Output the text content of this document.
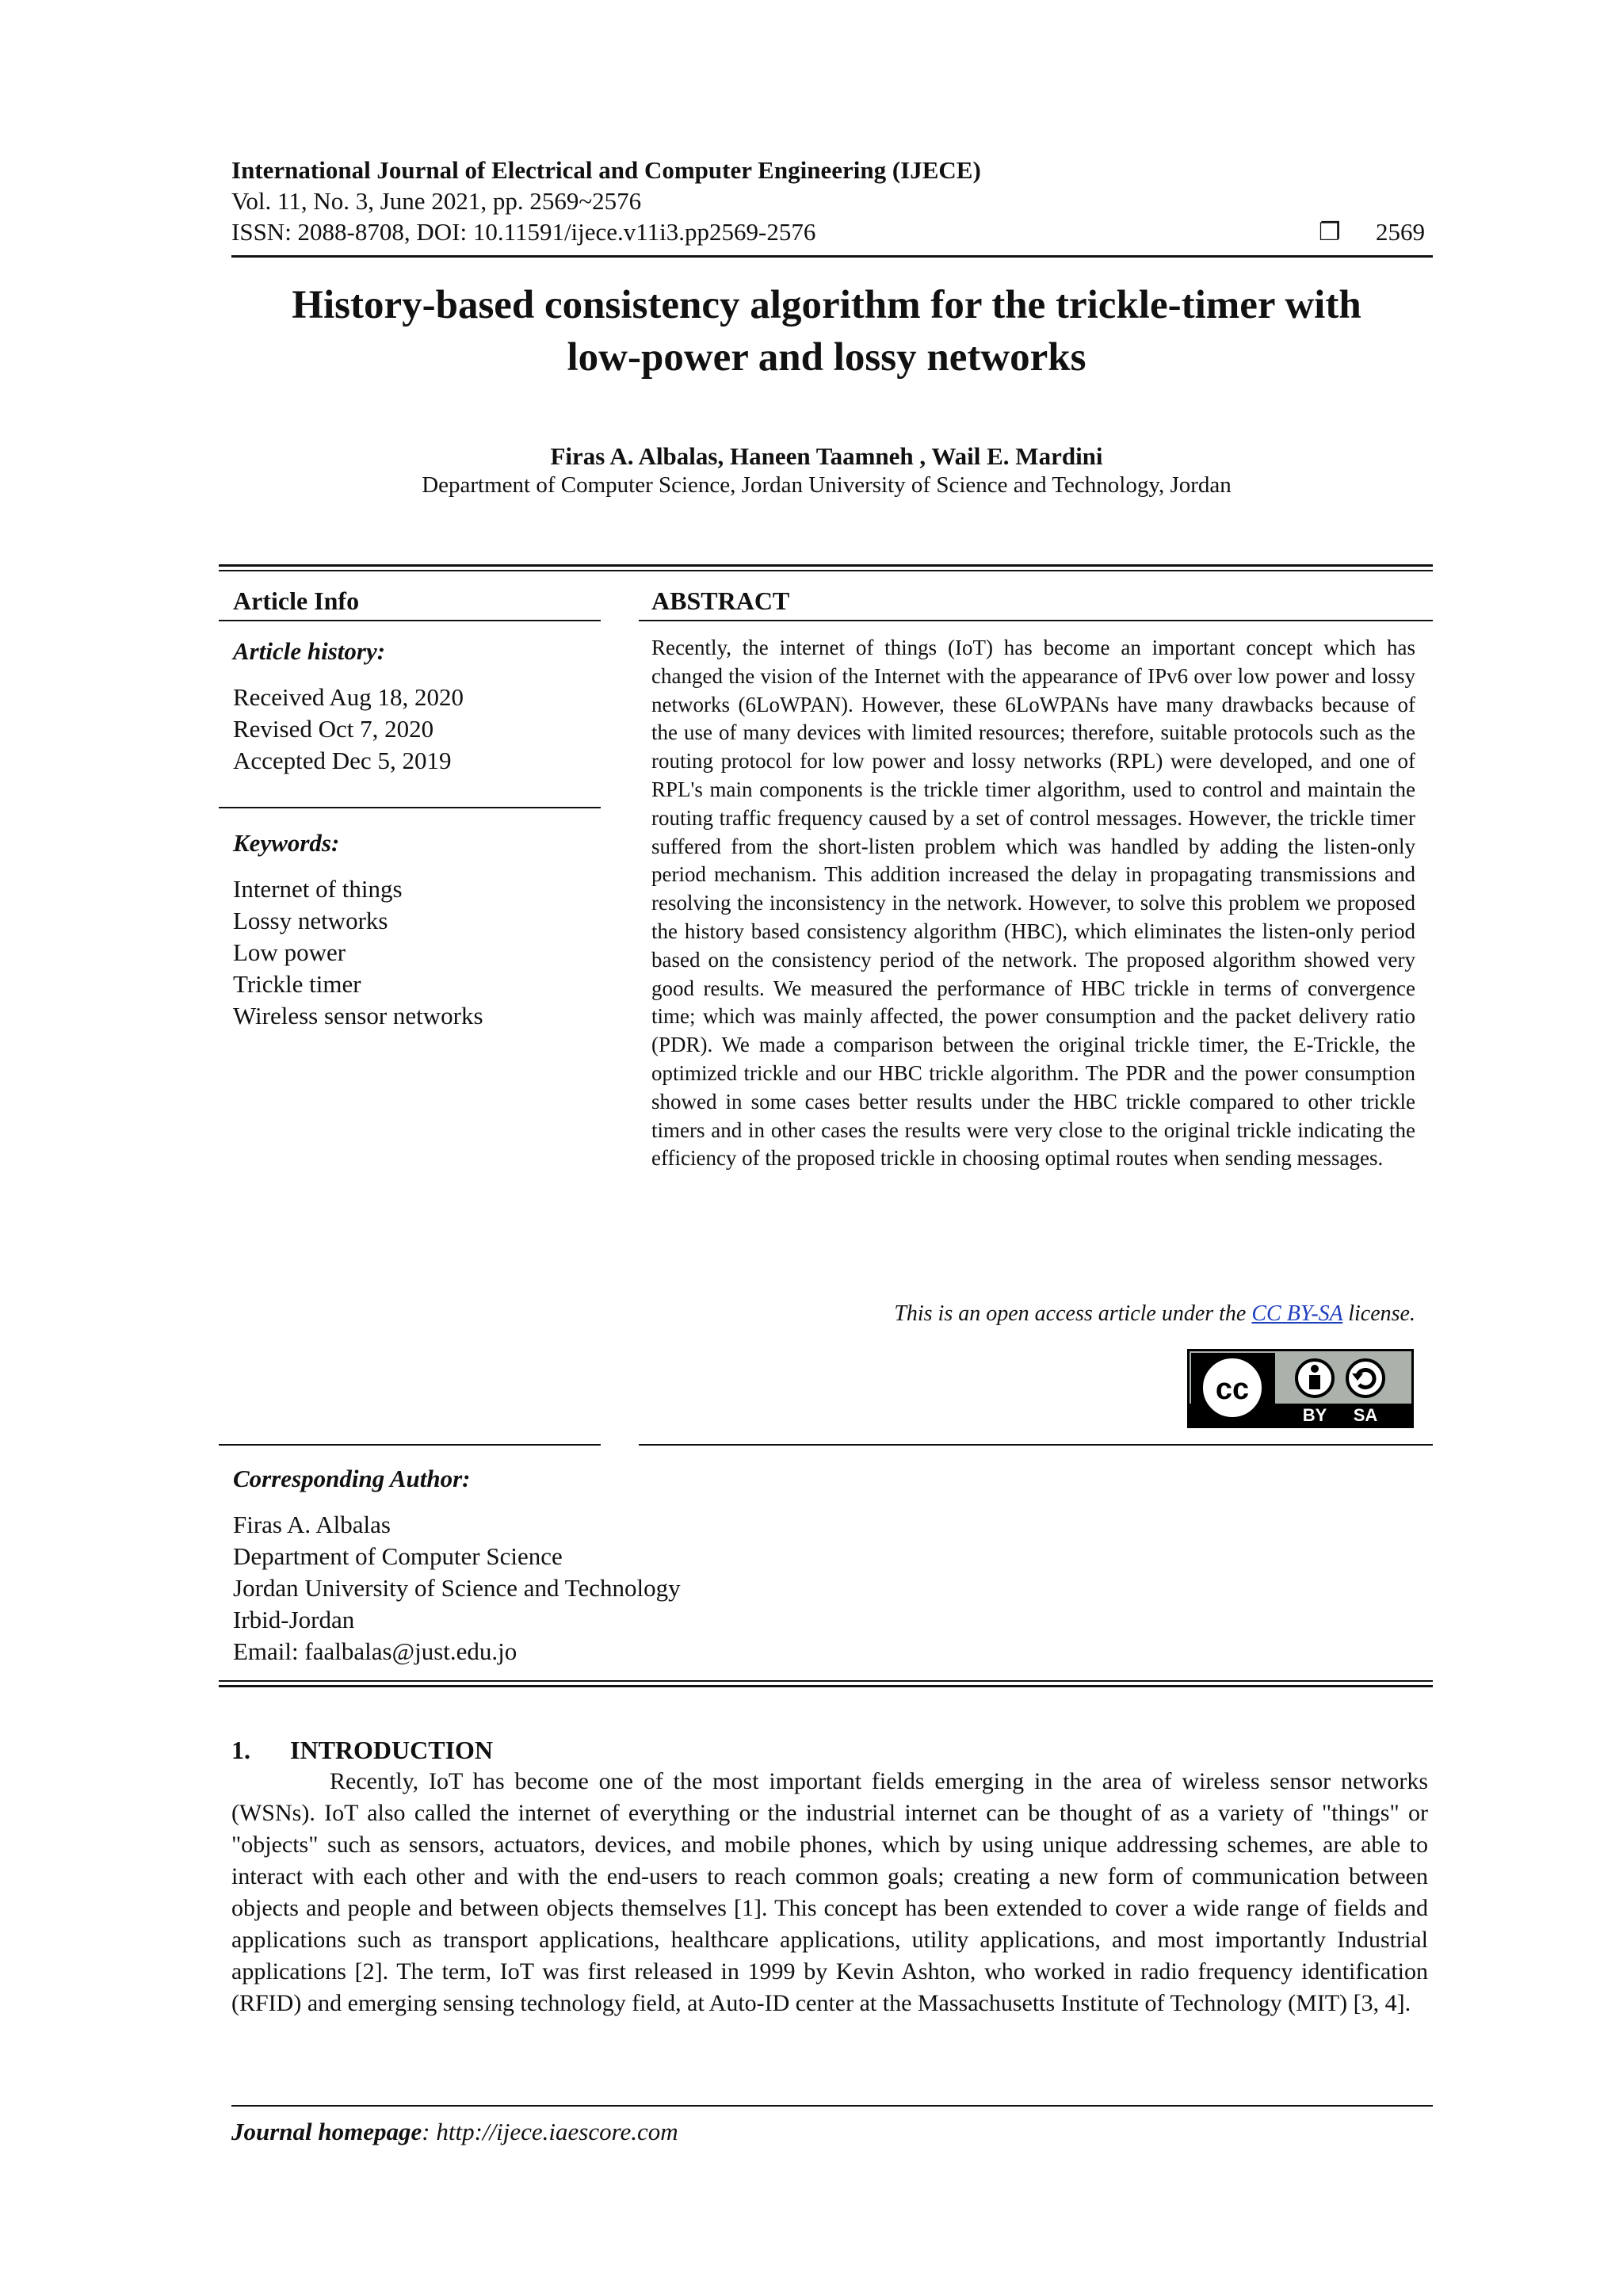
International Journal of Electrical and Computer Engineering (IJECE)
Vol. 11, No. 3, June 2021, pp. 2569~2576
ISSN: 2088-8708, DOI: 10.11591/ijece.v11i3.pp2569-2576	❐ 2569
History-based consistency algorithm for the trickle-timer with
low-power and lossy networks
Firas A. Albalas, Haneen Taamneh , Wail E. Mardini
Department of Computer Science, Jordan University of Science and Technology, Jordan
Article Info
Article history:
Received Aug 18, 2020
Revised Oct 7, 2020
Accepted Dec 5, 2019
Keywords:
Internet of things
Lossy networks
Low power
Trickle timer
Wireless sensor networks
ABSTRACT
Recently, the internet of things (IoT) has become an important concept which has changed the vision of the Internet with the appearance of IPv6 over low power and lossy networks (6LoWPAN). However, these 6LoWPANs have many drawbacks because of the use of many devices with limited resources; therefore, suitable protocols such as the routing protocol for low power and lossy networks (RPL) were developed, and one of RPL's main components is the trickle timer algorithm, used to control and maintain the routing traffic frequency caused by a set of control messages. However, the trickle timer suffered from the short-listen problem which was handled by adding the listen-only period mechanism. This addition increased the delay in propagating transmissions and resolving the inconsistency in the network. However, to solve this problem we proposed the history based consistency algorithm (HBC), which eliminates the listen-only period based on the consistency period of the network. The proposed algorithm showed very good results. We measured the performance of HBC trickle in terms of convergence time; which was mainly affected, the power consumption and the packet delivery ratio (PDR). We made a comparison between the original trickle timer, the E-Trickle, the optimized trickle and our HBC trickle algorithm. The PDR and the power consumption showed in some cases better results under the HBC trickle compared to other trickle timers and in other cases the results were very close to the original trickle indicating the efficiency of the proposed trickle in choosing optimal routes when sending messages.
This is an open access article under the CC BY-SA license.
cc
BY SA
Corresponding Author:
Firas A. Albalas
Department of Computer Science
Jordan University of Science and Technology
Irbid-Jordan
Email: faalbalas@just.edu.jo
1. INTRODUCTION
Recently, IoT has become one of the most important fields emerging in the area of wireless sensor networks (WSNs). IoT also called the internet of everything or the industrial internet can be thought of as a variety of "things" or "objects" such as sensors, actuators, devices, and mobile phones, which by using unique addressing schemes, are able to interact with each other and with the end-users to reach common goals; creating a new form of communication between objects and people and between objects themselves [1]. This concept has been extended to cover a wide range of fields and applications such as transport applications, healthcare applications, utility applications, and most importantly Industrial applications [2]. The term, IoT was first released in 1999 by Kevin Ashton, who worked in radio frequency identification (RFID) and emerging sensing technology field, at Auto-ID center at the Massachusetts Institute of Technology (MIT) [3, 4].
Journal homepage: http://ijece.iaescore.com
